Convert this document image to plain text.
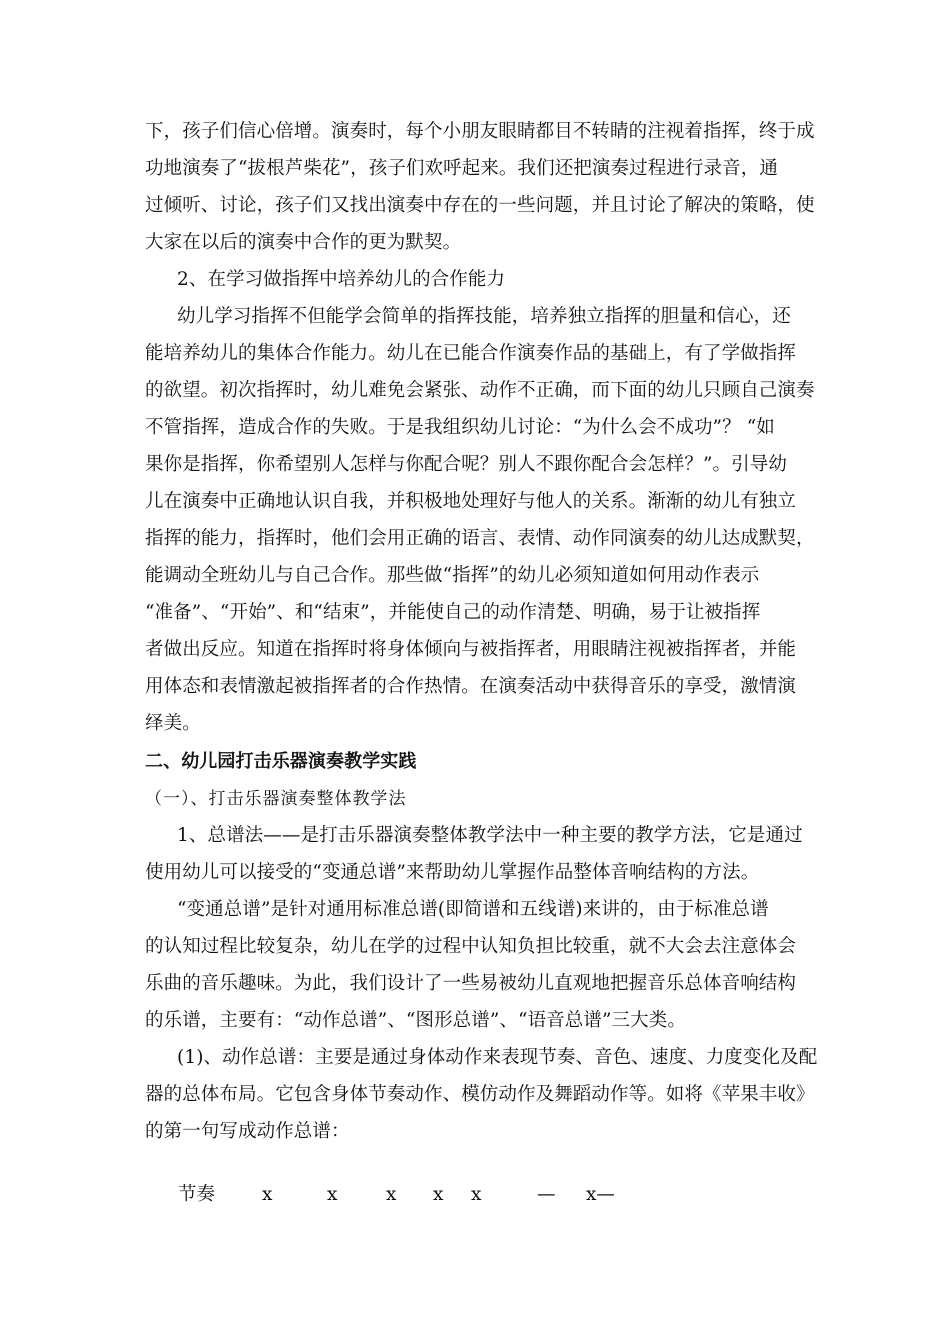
下，孩子们信心倍增。演奏时，每个小朋友眼睛都目不转睛的注视着指挥，终于成
功地演奏了“拔根芦柴花”，孩子们欢呼起来。我们还把演奏过程进行录音，通
过倾听、讨论，孩子们又找出演奏中存在的一些问题，并且讨论了解决的策略，使
大家在以后的演奏中合作的更为默契。
2、在学习做指挥中培养幼儿的合作能力
幼儿学习指挥不但能学会简单的指挥技能，培养独立指挥的胆量和信心，还
能培养幼儿的集体合作能力。幼儿在已能合作演奏作品的基础上，有了学做指挥
的欲望。初次指挥时，幼儿难免会紧张、动作不正确，而下面的幼儿只顾自己演奏
不管指挥，造成合作的失败。于是我组织幼儿讨论：“为什么会不成功”？ “如
果你是指挥，你希望别人怎样与你配合呢？别人不跟你配合会怎样？”。引导幼
儿在演奏中正确地认识自我，并积极地处理好与他人的关系。渐渐的幼儿有独立
指挥的能力，指挥时，他们会用正确的语言、表情、动作同演奏的幼儿达成默契，
能调动全班幼儿与自己合作。那些做“指挥”的幼儿必须知道如何用动作表示
“准备”、“开始”、和“结束”，并能使自己的动作清楚、明确，易于让被指挥
者做出反应。知道在指挥时将身体倾向与被指挥者，用眼睛注视被指挥者，并能
用体态和表情激起被指挥者的合作热情。在演奏活动中获得音乐的享受，激情演
绎美。
二、幼儿园打击乐器演奏教学实践
（一）、打击乐器演奏整体教学法
1、总谱法——是打击乐器演奏整体教学法中一种主要的教学方法，它是通过
使用幼儿可以接受的“变通总谱”来帮助幼儿掌握作品整体音响结构的方法。
“变通总谱”是针对通用标准总谱(即简谱和五线谱)来讲的，由于标准总谱
的认知过程比较复杂，幼儿在学的过程中认知负担比较重，就不大会去注意体会
乐曲的音乐趣味。为此，我们设计了一些易被幼儿直观地把握音乐总体音响结构
的乐谱，主要有：“动作总谱”、“图形总谱”、“语音总谱”三大类。
(1)、动作总谱：主要是通过身体动作来表现节奏、音色、速度、力度变化及配
器的总体布局。它包含身体节奏动作、模仿动作及舞蹈动作等。如将《苹果丰收》
的第一句写成动作总谱：
节奏	x	x	x x x	— x—
